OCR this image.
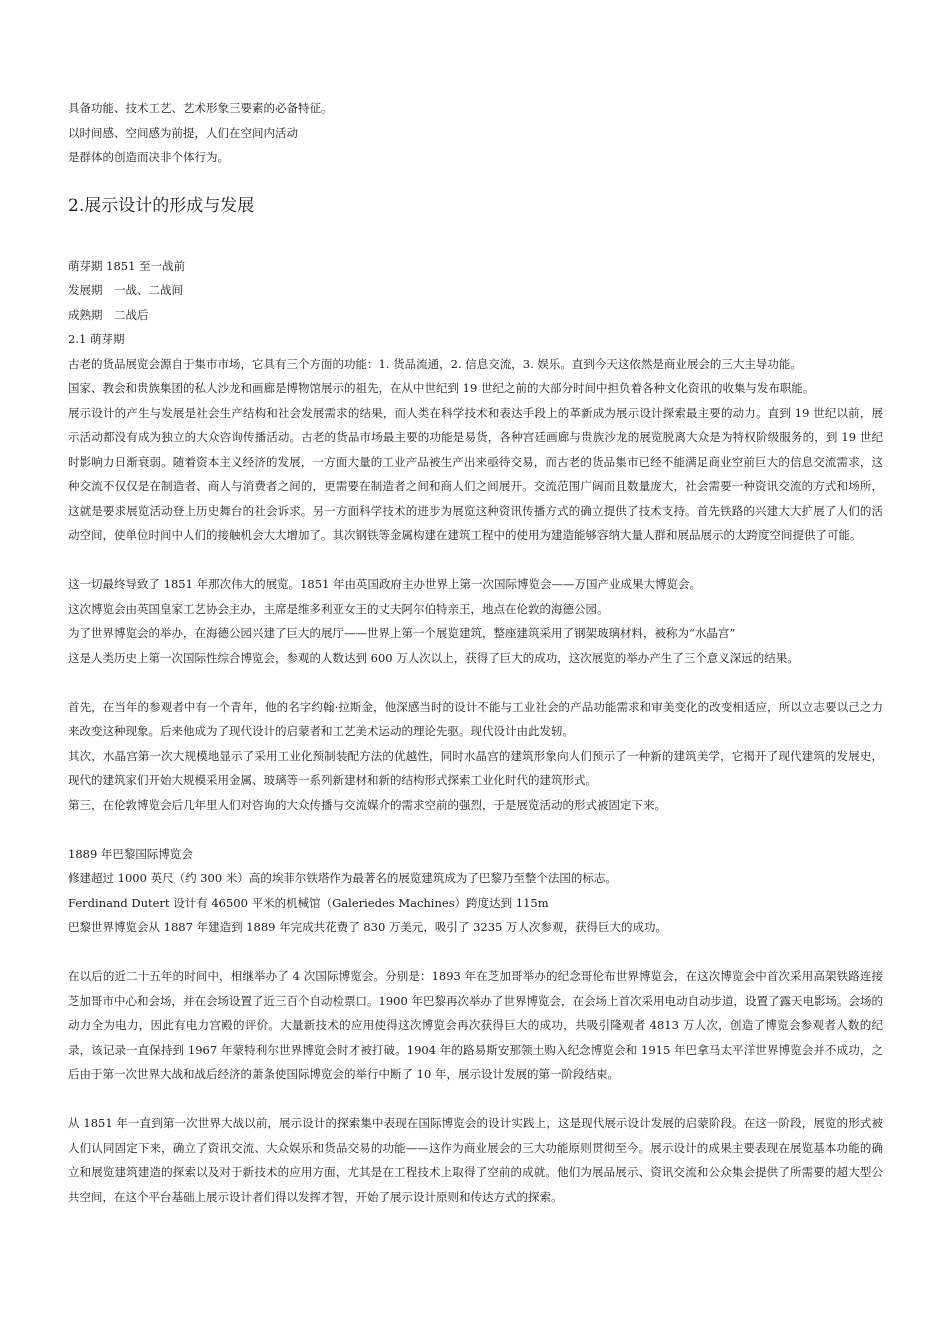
具备功能、技术工艺、艺术形象三要素的必备特征。

以时间感、空间感为前提，人们在空间内活动

是群体的创造而决非个体行为。

2.展示设计的形成与发展

萌芽期 1851 至一战前

发展期　一战、二战间

成熟期　二战后

2.1 萌芽期

古老的货品展览会源自于集市市场，它具有三个方面的功能：1. 货品流通，2. 信息交流，3. 娱乐。直到今天这依然是商业展会的三大主导功能。

国家、教会和贵族集团的私人沙龙和画廊是博物馆展示的祖先，在从中世纪到 19 世纪之前的大部分时间中担负着各种文化资讯的收集与发布职能。

展示设计的产生与发展是社会生产结构和社会发展需求的结果，而人类在科学技术和表达手段上的革新成为展示设计探索最主要的动力。直到 19 世纪以前，展示活动都没有成为独立的大众咨询传播活动。古老的货品市场最主要的功能是易货，各种宫廷画廊与贵族沙龙的展览脱离大众是为特权阶级服务的，到 19 世纪时影响力日渐衰弱。随着资本主义经济的发展，一方面大量的工业产品被生产出来亟待交易，而古老的货品集市已经不能满足商业空前巨大的信息交流需求，这种交流不仅仅是在制造者、商人与消费者之间的，更需要在制造者之间和商人们之间展开。交流范围广阔而且数量庞大，社会需要一种资讯交流的方式和场所，这就是要求展览活动登上历史舞台的社会诉求。另一方面科学技术的进步为展览这种资讯传播方式的确立提供了技术支持。首先铁路的兴建大大扩展了人们的活动空间，使单位时间中人们的接触机会大大增加了。其次钢铁等金属构建在建筑工程中的使用为建造能够容纳大量人群和展品展示的大跨度空间提供了可能。

这一切最终导致了 1851 年那次伟大的展览。1851 年由英国政府主办世界上第一次国际博览会——万国产业成果大博览会。

这次博览会由英国皇家工艺协会主办，主席是维多利亚女王的丈夫阿尔伯特亲王，地点在伦敦的海德公园。

为了世界博览会的举办，在海德公园兴建了巨大的展厅——世界上第一个展览建筑，整座建筑采用了钢架玻璃材料，被称为“水晶宫”

这是人类历史上第一次国际性综合博览会，参观的人数达到 600 万人次以上，获得了巨大的成功，这次展览的举办产生了三个意义深远的结果。

首先，在当年的参观者中有一个青年，他的名字约翰·拉斯金，他深感当时的设计不能与工业社会的产品功能需求和审美变化的改变相适应，所以立志要以己之力来改变这种现象。后来他成为了现代设计的启蒙者和工艺美术运动的理论先驱。现代设计由此发轫。

其次，水晶宫第一次大规模地显示了采用工业化预制装配方法的优越性，同时水晶宫的建筑形象向人们预示了一种新的建筑美学，它揭开了现代建筑的发展史，现代的建筑家们开始大规模采用金属、玻璃等一系列新建材和新的结构形式探索工业化时代的建筑形式。

第三，在伦敦博览会后几年里人们对咨询的大众传播与交流媒介的需求空前的强烈，于是展览活动的形式被固定下来。

1889 年巴黎国际博览会

修建超过 1000 英尺（约 300 米）高的埃菲尔铁塔作为最著名的展览建筑成为了巴黎乃至整个法国的标志。

Ferdinand Dutert 设计有 46500 平米的机械馆（Galeriedes Machines）跨度达到 115m

巴黎世界博览会从 1887 年建造到 1889 年完成共花费了 830 万美元，吸引了 3235 万人次参观，获得巨大的成功。

在以后的近二十五年的时间中，相继举办了 4 次国际博览会。分别是：1893 年在芝加哥举办的纪念哥伦布世界博览会，在这次博览会中首次采用高架铁路连接芝加哥市中心和会场，并在会场设置了近三百个自动检票口。1900 年巴黎再次举办了世界博览会，在会场上首次采用电动自动步道，设置了露天电影场。会场的动力全为电力，因此有电力宫殿的评价。大量新技术的应用使得这次博览会再次获得巨大的成功，共吸引隆观者 4813 万人次，创造了博览会参观者人数的纪录，该记录一直保持到 1967 年蒙特利尔世界博览会时才被打破。1904 年的路易斯安那领土购入纪念博览会和 1915 年巴拿马太平洋世界博览会并不成功，之后由于第一次世界大战和战后经济的萧条使国际博览会的举行中断了 10 年，展示设计发展的第一阶段结束。

从 1851 年一直到第一次世界大战以前，展示设计的探索集中表现在国际博览会的设计实践上，这是现代展示设计发展的启蒙阶段。在这一阶段，展览的形式被人们认同固定下来，确立了资讯交流、大众娱乐和货品交易的功能——这作为商业展会的三大功能原则贯彻至今。展示设计的成果主要表现在展览基本功能的确立和展览建筑建造的探索以及对于新技术的应用方面，尤其是在工程技术上取得了空前的成就。他们为展品展示、资讯交流和公众集会提供了所需要的超大型公共空间，在这个平台基础上展示设计者们得以发挥才智，开始了展示设计原则和传达方式的探索。
